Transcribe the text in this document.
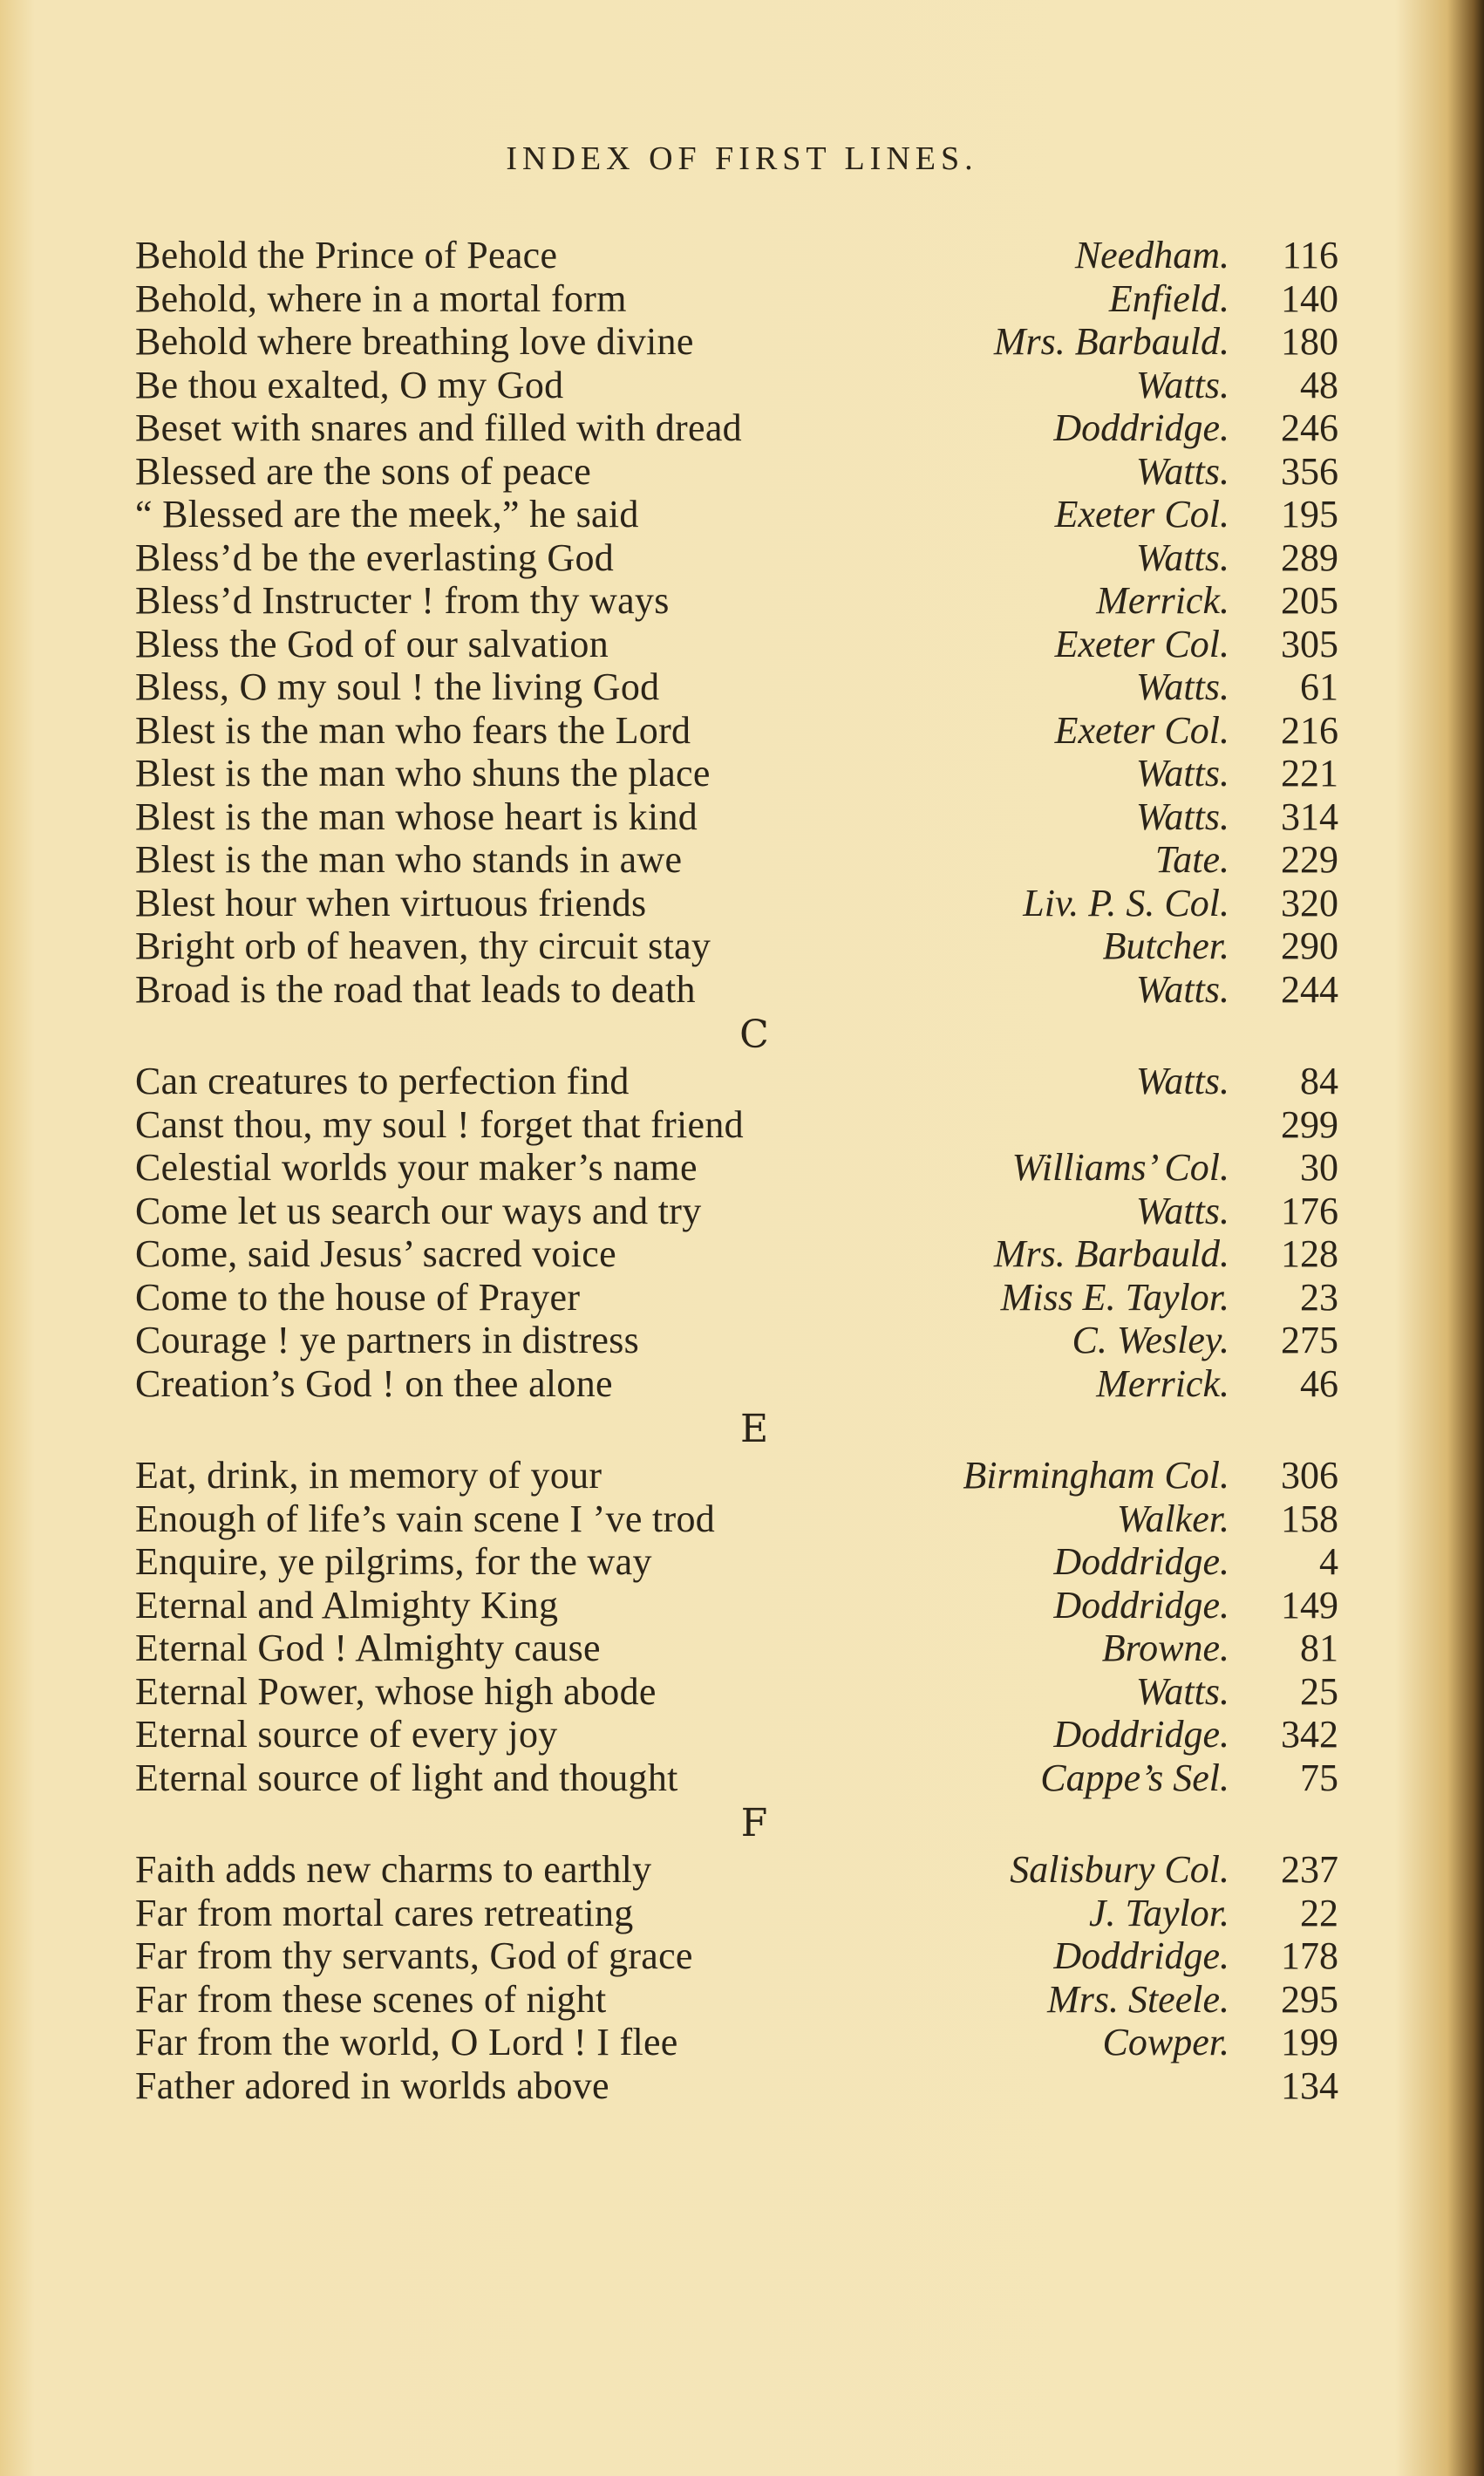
INDEX OF FIRST LINES.
Behold the Prince of Peace	Needham.	116
Behold, where in a mortal form	Enfield.	140
Behold where breathing love divine	Mrs. Barbauld.	180
Be thou exalted, O my God	Watts.	48
Beset with snares and filled with dread	Doddridge.	246
Blessed are the sons of peace	Watts.	356
“ Blessed are the meek,” he said	Exeter Col.	195
Bless’d be the everlasting God	Watts.	289
Bless’d Instructer ! from thy ways	Merrick.	205
Bless the God of our salvation	Exeter Col.	305
Bless, O my soul ! the living God	Watts.	61
Blest is the man who fears the Lord	Exeter Col.	216
Blest is the man who shuns the place	Watts.	221
Blest is the man whose heart is kind	Watts.	314
Blest is the man who stands in awe	Tate.	229
Blest hour when virtuous friends	Liv. P. S. Col.	320
Bright orb of heaven, thy circuit stay	Butcher.	290
Broad is the road that leads to death	Watts.	244
C
Can creatures to perfection find	Watts.	84
Canst thou, my soul ! forget that friend	299
Celestial worlds your maker’s name	Williams’ Col.	30
Come let us search our ways and try	Watts.	176
Come, said Jesus’ sacred voice	Mrs. Barbauld.	128
Come to the house of Prayer	Miss E. Taylor.	23
Courage ! ye partners in distress	C. Wesley.	275
Creation’s God ! on thee alone	Merrick.	46
E
Eat, drink, in memory of your	Birmingham Col.	306
Enough of life’s vain scene I ’ve trod	Walker.	158
Enquire, ye pilgrims, for the way	Doddridge.	4
Eternal and Almighty King	Doddridge.	149
Eternal God ! Almighty cause	Browne.	81
Eternal Power, whose high abode	Watts.	25
Eternal source of every joy	Doddridge.	342
Eternal source of light and thought	Cappe’s Sel.	75
F
Faith adds new charms to earthly	Salisbury Col.	237
Far from mortal cares retreating	J. Taylor.	22
Far from thy servants, God of grace	Doddridge.	178
Far from these scenes of night	Mrs. Steele.	295
Far from the world, O Lord ! I flee	Cowper.	199
Father adored in worlds above	134
